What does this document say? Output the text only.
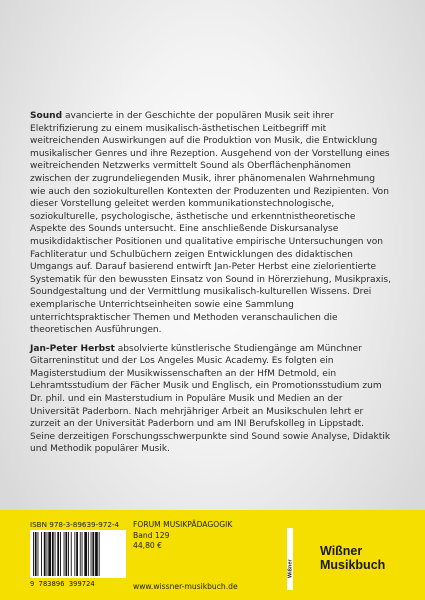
Sound avancierte in der Geschichte der populären Musik seit ihrer Elektrifizierung zu einem musikalisch-ästhetischen Leitbegriff mit weitreichenden Auswirkungen auf die Produktion von Musik, die Entwicklung musikalischer Genres und ihre Rezeption. Ausgehend von der Vorstellung eines weitreichenden Netzwerks vermittelt Sound als Oberflächenphänomen zwischen der zugrundeliegenden Musik, ihrer phänomenalen Wahrnehmung wie auch den soziokulturellen Kontexten der Produzenten und Rezipienten. Von dieser Vorstellung geleitet werden kommunikationstechnologische, soziokulturelle, psychologische, ästhetische und erkenntnistheoretische Aspekte des Sounds untersucht. Eine anschließende Diskursanalyse musikdidaktischer Positionen und qualitative empirische Untersuchungen von Fachliteratur und Schulbüchern zeigen Entwicklungen des didaktischen Umgangs auf. Darauf basierend entwirft Jan-Peter Herbst eine zielorientierte Systematik für den bewussten Einsatz von Sound in Hörerziehung, Musikpraxis, Soundgestaltung und der Vermittlung musikalisch-kulturellen Wissens. Drei exemplarische Unterrichtseinheiten sowie eine Sammlung unterrichtspraktischer Themen und Methoden veranschaulichen die theoretischen Ausführungen.

Jan-Peter Herbst absolvierte künstlerische Studiengänge am Münchner Gitarreninstitut und der Los Angeles Music Academy. Es folgten ein Magisterstudium der Musikwissenschaften an der HfM Detmold, ein Lehramtsstudium der Fächer Musik und Englisch, ein Promotionsstudium zum Dr. phil. und ein Masterstudium in Populäre Musik und Medien an der Universität Paderborn. Nach mehrjähriger Arbeit an Musikschulen lehrt er zurzeit an der Universität Paderborn und am INI Berufskolleg in Lippstadt. Seine derzeitigen Forschungsschwerpunkte sind Sound sowie Analyse, Didaktik und Methodik populärer Musik.

ISBN 978-3-89639-972-4 FORUM MUSIKPÄDAGOGIK
Band 129
44,80 €
9 783896 399724	www.wissner-musikbuch.de
Wißner
Wißner
Musikbuch
